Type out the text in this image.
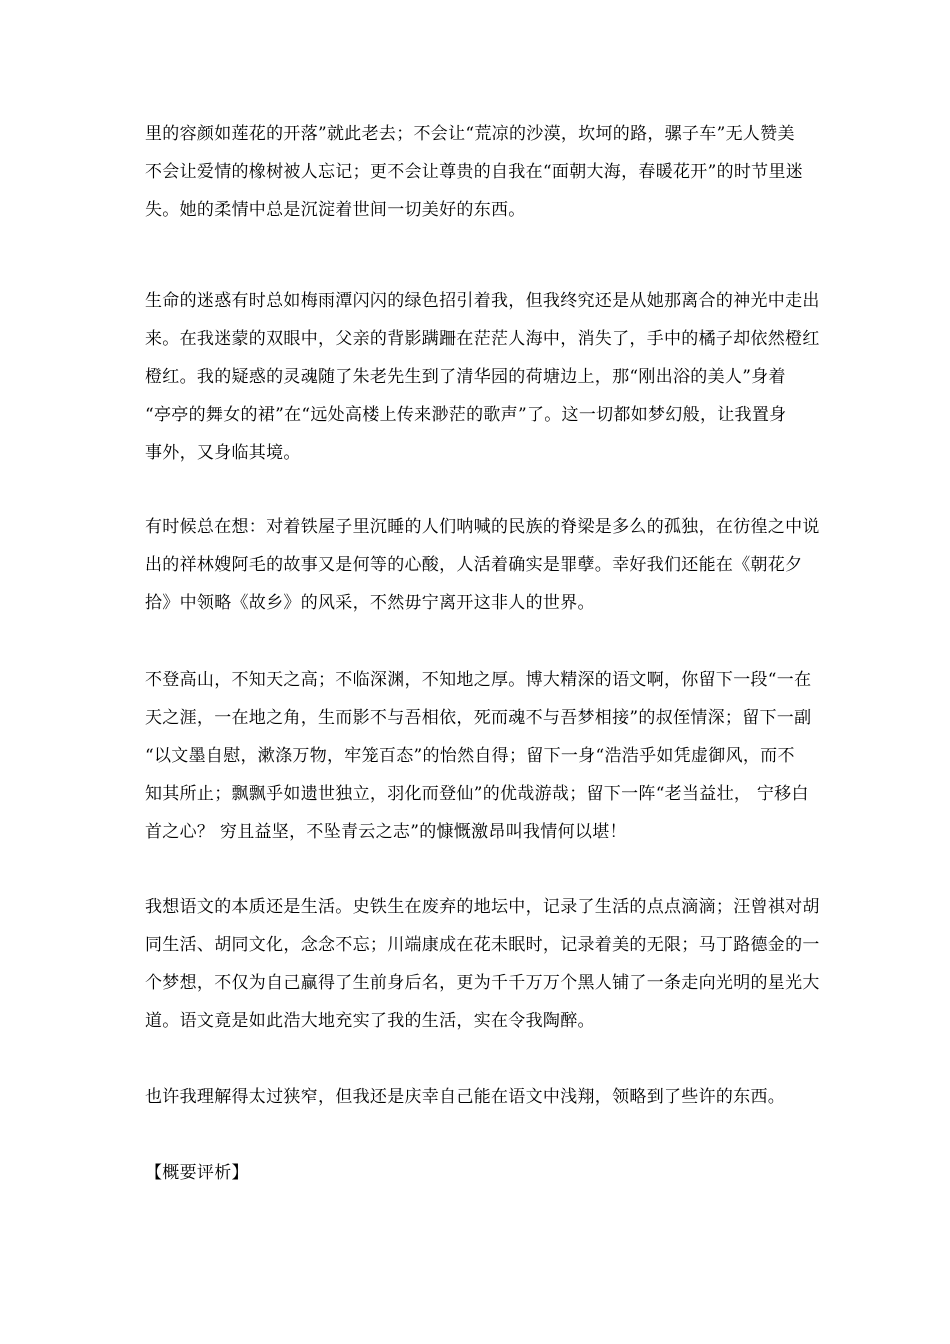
里的容颜如莲花的开落”就此老去；不会让“荒凉的沙漠，坎坷的路，骡子车”无人赞美
不会让爱情的橡树被人忘记；更不会让尊贵的自我在“面朝大海，春暖花开”的时节里迷
失。她的柔情中总是沉淀着世间一切美好的东西。
生命的迷惑有时总如梅雨潭闪闪的绿色招引着我，但我终究还是从她那离合的神光中走出
来。在我迷蒙的双眼中，父亲的背影蹒跚在茫茫人海中，消失了，手中的橘子却依然橙红
橙红。我的疑惑的灵魂随了朱老先生到了清华园的荷塘边上，那“刚出浴的美人”身着
“亭亭的舞女的裙”在“远处高楼上传来渺茫的歌声”了。这一切都如梦幻般，让我置身
事外，又身临其境。
有时候总在想：对着铁屋子里沉睡的人们呐喊的民族的脊梁是多么的孤独，在彷徨之中说
出的祥林嫂阿毛的故事又是何等的心酸，人活着确实是罪孽。幸好我们还能在《朝花夕
拾》中领略《故乡》的风采，不然毋宁离开这非人的世界。
不登高山，不知天之高；不临深渊，不知地之厚。博大精深的语文啊，你留下一段“一在
天之涯，一在地之角，生而影不与吾相依，死而魂不与吾梦相接”的叔侄情深；留下一副
“以文墨自慰，漱涤万物，牢笼百态”的怡然自得；留下一身“浩浩乎如凭虚御风，而不
知其所止；飘飘乎如遗世独立，羽化而登仙”的优哉游哉；留下一阵“老当益壮， 宁移白
首之心？ 穷且益坚，不坠青云之志”的慷慨激昂叫我情何以堪！
我想语文的本质还是生活。史铁生在废弃的地坛中，记录了生活的点点滴滴；汪曾祺对胡
同生活、胡同文化，念念不忘；川端康成在花未眠时，记录着美的无限；马丁路德金的一
个梦想，不仅为自己赢得了生前身后名，更为千千万万个黑人铺了一条走向光明的星光大
道。语文竟是如此浩大地充实了我的生活，实在令我陶醉。
也许我理解得太过狭窄，但我还是庆幸自己能在语文中浅翔，领略到了些许的东西。
【概要评析】
